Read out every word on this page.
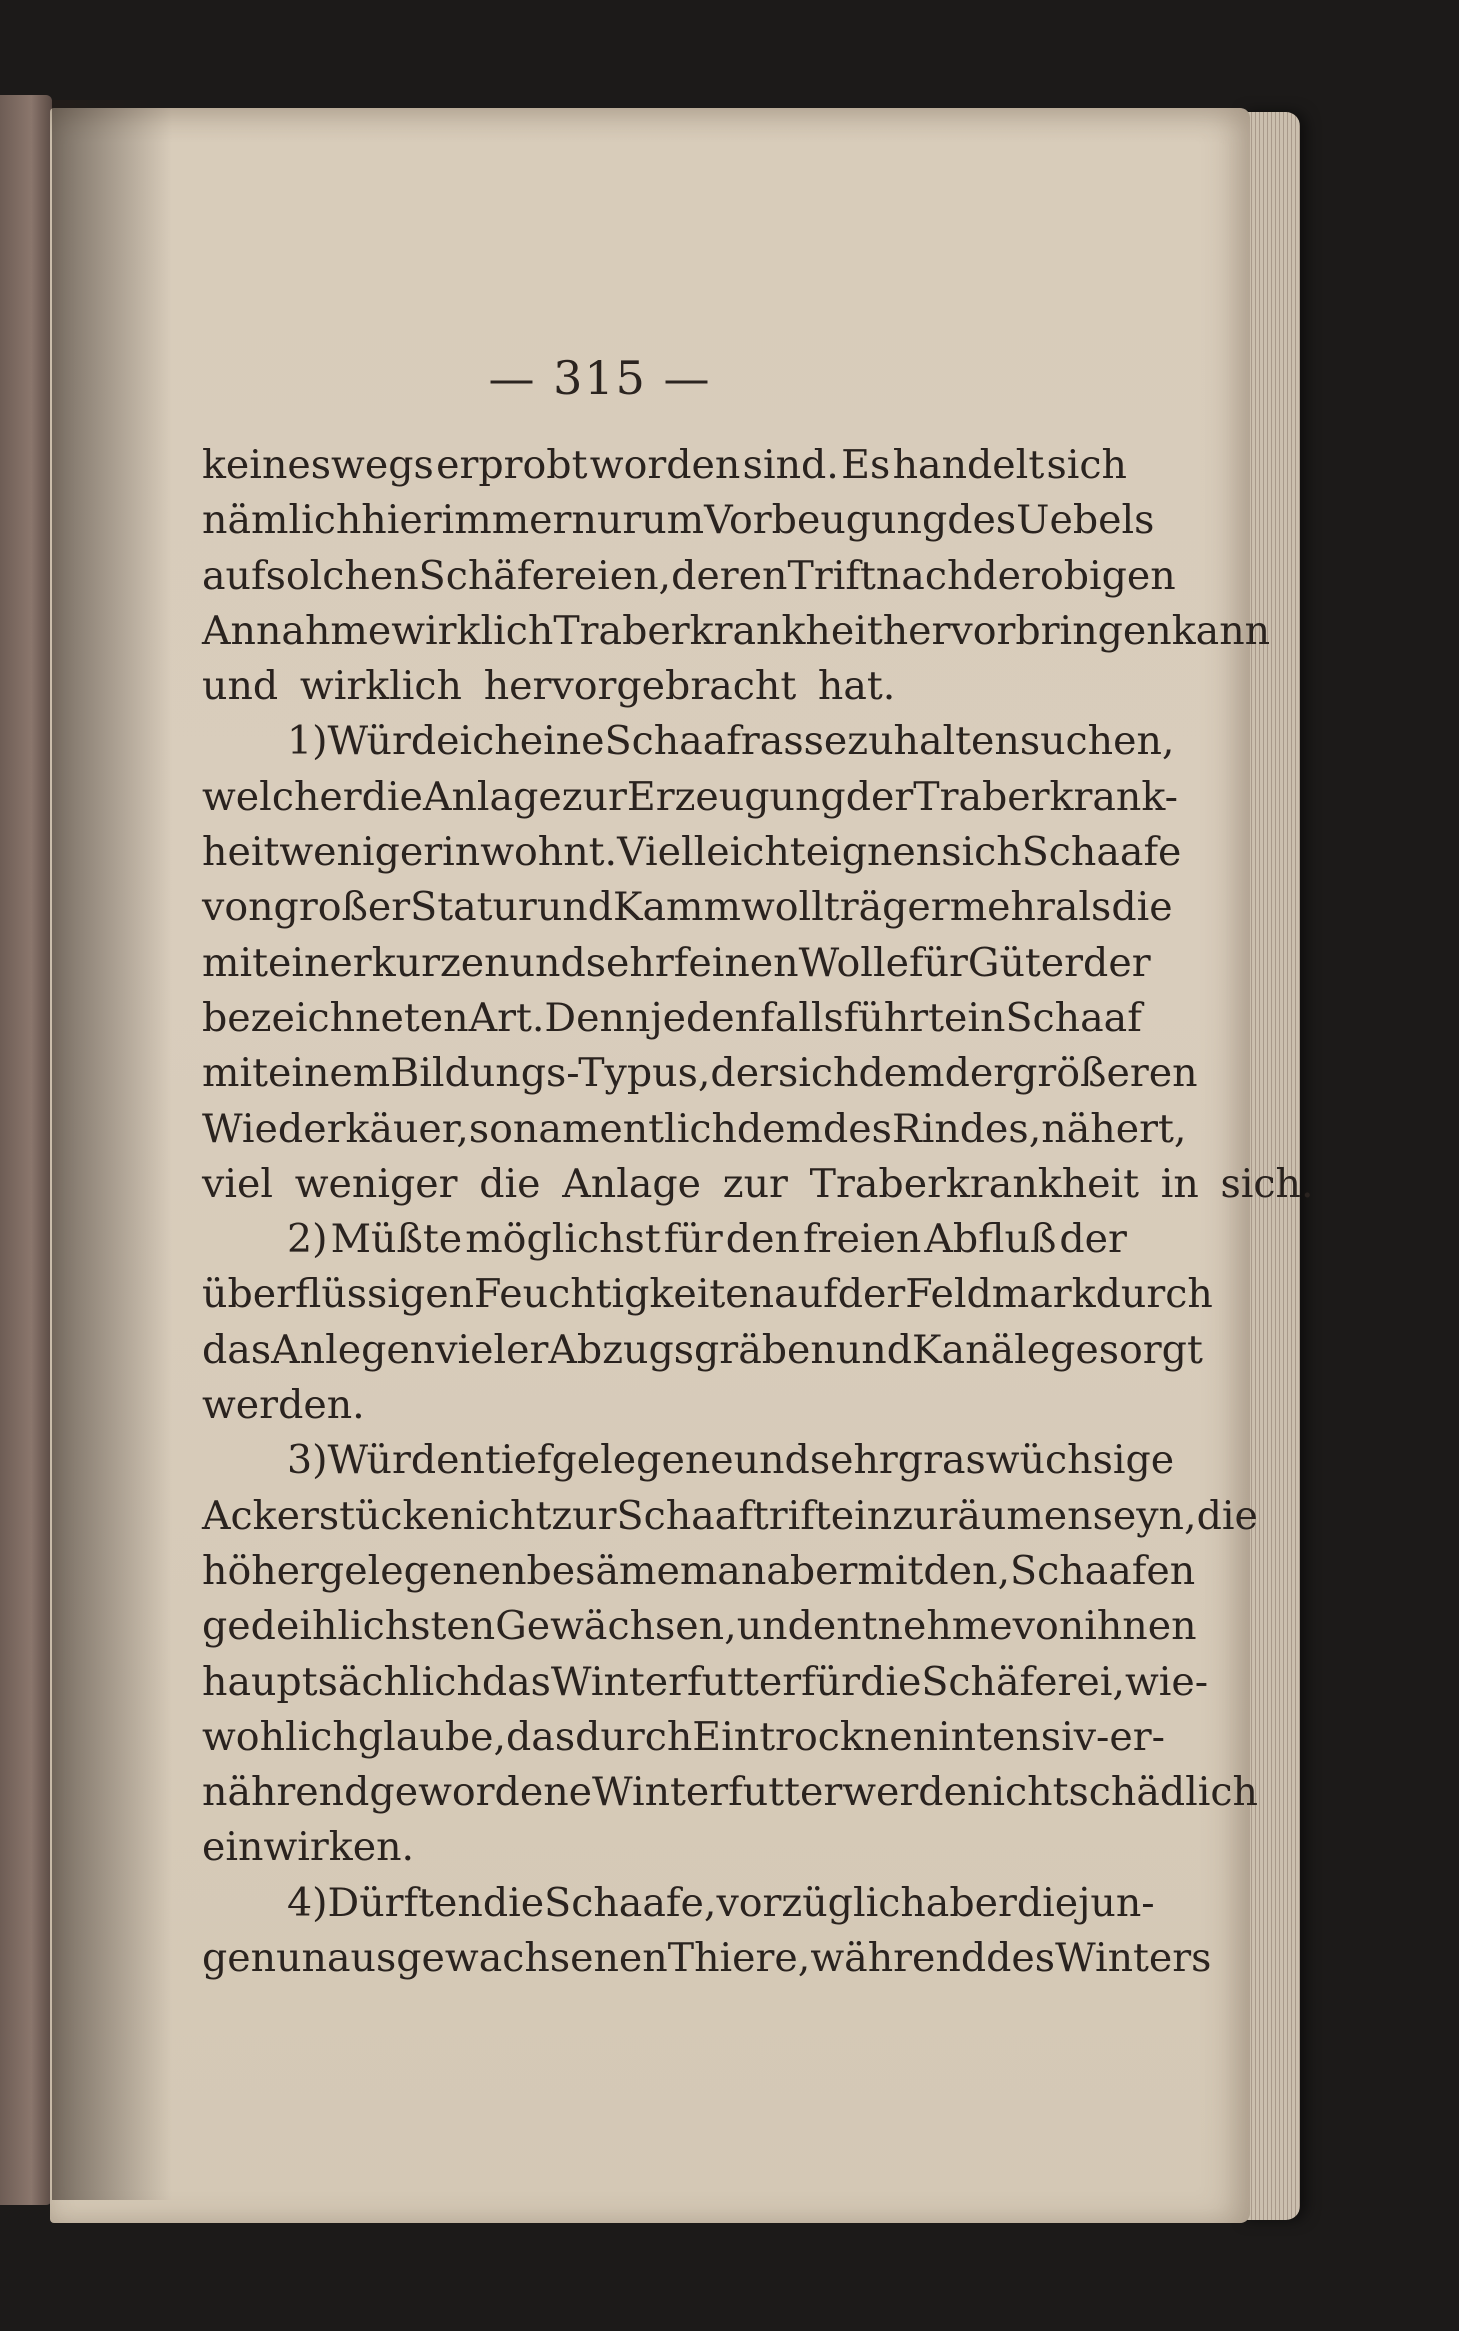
— 315 —
keineswegs erprobt worden sind. Es handelt sich
nämlich hier immer nur um Vorbeugung des Uebels
auf solchen Schäfereien, deren Trift nach der obigen
Annahme wirklich Traberkrankheit hervorbringen kann
und wirklich hervorgebracht hat.
1) Würde ich eine Schaafrasse zu halten suchen,
welcher die Anlage zur Erzeugung der Traberkrank-
heit weniger inwohnt. Vielleicht eignen sich Schaafe
von großer Statur und Kammwollträger mehr als die
mit einer kurzen und sehr feinen Wolle für Güter der
bezeichneten Art. Denn jedenfalls führt ein Schaaf
mit einem Bildungs-Typus, der sich dem der größeren
Wiederkäuer, so namentlich dem des Rindes, nähert,
viel weniger die Anlage zur Traberkrankheit in sich.
2) Müßte möglichst für den freien Abfluß der
überflüssigen Feuchtigkeiten auf der Feldmark durch
das Anlegen vieler Abzugsgräben und Kanäle gesorgt
werden.
3) Würden tief gelegene und sehr graswüchsige
Ackerstücke nicht zur Schaaftrift einzuräumen seyn, die
höher gelegenen besäme man aber mit den, Schaafen
gedeihlichsten Gewächsen, und entnehme von ihnen
hauptsächlich das Winterfutter für die Schäferei, wie-
wohl ich glaube, das durch Eintrocknen intensiv-er-
nährend gewordene Winterfutter werde nicht schädlich
einwirken.
4) Dürften die Schaafe, vorzüglich aber die jun-
gen unausgewachsenen Thiere, während des Winters
